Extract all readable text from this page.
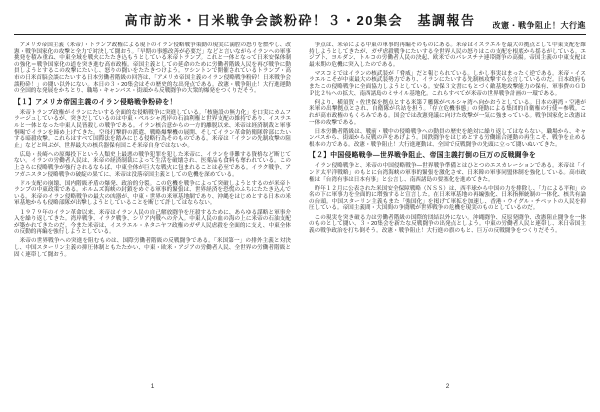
高市訪米・日米戦争会談粉砕！３・20集会　基調報告 改憲・戦争阻止！大行進

アメリカ帝国主義（米帝）・トランプ政権による現下のイラン侵略戦争策動の現実に満腔の怒りを燃やし、改憲・戦争国家化の攻撃と全力で対決して闘おう。「早期の事態改善が必要だ」などと言いながらイランへの軍事挑発を積み重ね、中東全域を戦火にたたき込もうとしている米帝トランプ。これと一体となって日米安保体制の強化＝戦争国家化の道を突き進む高市政権。帝国主義としての延命のために労働者階級人民を再び戦争に動員しようとするこの攻撃にたいし、怒りの闘いをたたきつけよう。ワシントンで開催されているトランプ・高市の日米首脳会談にたいする日本労働者階級の回答は、「アメリカ帝国主義のイラン侵略戦争粉砕！日米戦争会談粉砕！」の闘い以外にない。本日の３・20集会はその歴史的な出発点である。改憲・戦争阻止！大行進運動の全国的な発展をかちとり、職場・キャンパス・街頭から反戦闘争の大衆的爆発をつくりだそう。

【１】アメリカ帝国主義のイラン侵略戦争粉砕を！

米帝トランプ政権がイランにたいする全面的な侵略戦争に突進している。「核施設の無力化」を口実にカムフラージュしているが、突きだしているのは中東・ペルシャ湾岸の石油利権と世界支配の維持であり、イスラエルと一体となった中東人民皆殺しの戦争である。イラン核合意からの一方的離脱以来、米帝は経済制裁と軍事恫喝でイランを締め上げてきた。空母打撃群の派遣、戦略爆撃機の展開、そしてイラン革命防衛隊幹部にたいする暗殺攻撃。これらはすべて国際法を踏みにじる侵略行為そのものである。米帝は「イランの先制攻撃の阻止」などと叫ぶが、世界最大の核兵器保有国こそ米帝自身ではないか。

広島・長崎への原爆投下という人類史上最悪の戦争犯罪を犯した米帝に、イランを非難する資格など断じてない。イランの労働者人民は、米帝の経済制裁によって生活を破壊され、医薬品も食料も奪われている。この上さらに侵略戦争が強行されるならば、中東全体が巨大な戦火に包まれることは必至である。イラク戦争、アフガニスタン侵略戦争の破綻の果てに、米帝は没落帝国主義としての危機を深めている。

ドル支配の崩壊、国内階級矛盾の爆発、政治的分裂。この危機を戦争によって突破しようとするのが米帝トランプの中東政策である。ホルムズ海峡の封鎖をめぐる軍事的緊張は、世界経済を恐慌のふちにたたき込んでいる。米帝のイラン侵略戦争の最大の凶器が、中東・世界の米軍基地網であり、沖縄をはじめとする日本の米軍基地からも侵略部隊が出撃しようとしていることを断じて許してはならない。

１９７９年のイラン革命以来、米帝はイラン人民の自己解放闘争を圧殺するために、あらゆる謀略と軍事介入を繰り返してきた。湾岸戦争、イラク戦争、シリア内戦への介入。中東人民の血の海の上に米帝の石油支配が築かれてきたのだ。今また米帝は、イスラエル・ネタニヤフ政権のガザ人民虐殺を全面的に支え、中東全体の反動的再編を強行しようとしている。

米帝の世界戦争への突進を阻むものは、国際労働者階級の反戦闘争である。「米国第一」の排外主義と対決し、中国スターリン主義の抑圧体制ともたたかい、中東・欧米・アジアの労働者人民、全世界の労働者階級と固く連帯して闘おう。

1

争点は、米帝による中東の軍事的再編そのものにある。米帝はイスラエルを最大の拠点として中東支配を維持しようとしてきたが、ガザ虐殺戦争にたいする全世界人民の怒りはこの支配を根底から揺るがしている。エジプト、ヨルダン、トルコの労働者人民の決起、欧米でのパレスチナ連帯闘争の高揚。帝国主義の中東支配は最末期の危機に突入したのである。

マスコミではイランの核武装が「脅威」だと報じられている。しかし事実はまったく逆である。米帝・イスラエルこそが中東最大の核武装勢力であり、イランにたいする先制核攻撃すら公言しているのだ。日本政府もまたこの侵略戦争に全面協力しようとしている。安保３文書にもとづく敵基地攻撃能力の保有、軍事費のＧＤＰ比２％への拡大、南西諸島のミサイル基地化。これらすべてが米帝の世界戦争計画の一環である。

何より、横須賀・佐世保を拠点とする米第７艦隊がペルシャ湾へ向かおうとしている。日本の港湾・空港が米軍の出撃拠点とされ、自衛隊が兵站を担う。「存立危機事態」の発動による集団的自衛権の行使＝参戦。これが高市政権のもくろみである。国会では改憲発議に向けた攻撃が一気に強まっている。戦争国家化と改憲は一体の攻撃である。

日本労働者階級は、戦前・戦中の侵略戦争への動員の歴史を絶対に繰り返してはならない。職場から、キャンパスから、街頭から反戦の声をあげよう。国鉄闘争をはじめとする労働組合運動の再生こそ、戦争を止める根本の力である。改憲・戦争阻止！大行進運動は、全国で反戦闘争の先頭に立って闘いぬいてきた。

【２】中国侵略戦争―世界戦争阻止、帝国主義打倒の巨万の反戦闘争を

イラン侵略戦争と、米帝の中国侵略戦争―世界戦争準備とはひとつのエスカレーションである。米帝は「インド太平洋戦略」のもとに台湾海峡の軍事的緊張を激化させ、日米韓の軍事同盟体制を強化している。高市政権は「台湾有事は日本有事」と公言し、南西諸島の要塞化を進めてきた。

昨年１２月に公表された米国安全保障戦略（ＮＳＳ）は、西半球から中国の力を排除し、「力による平和」の名の下に軍事力を全面的に増強すると宣言した。在日米軍基地の再編強化、日米指揮統制の一体化、核共有論の台頭。中国スターリン主義もまた「強国化」を掲げて軍拡を加速し、香港・ウイグル・チベットの人民を抑圧している。帝国主義間・大国間の争闘戦が世界戦争の危機を現実のものとしているのだ。

この現実を突き破る力は労働者階級の国際的団結以外にない。沖縄闘争、反原発闘争、改憲阻止闘争を一体のものとして闘い、３・20集会を新たな反戦闘争の出発点としよう。中東の労働者人民と連帯し、米日帝国主義の戦争政治を打ち倒そう。改憲・戦争阻止！大行進の旗のもと、巨万の反戦闘争をつくりだそう。

2
